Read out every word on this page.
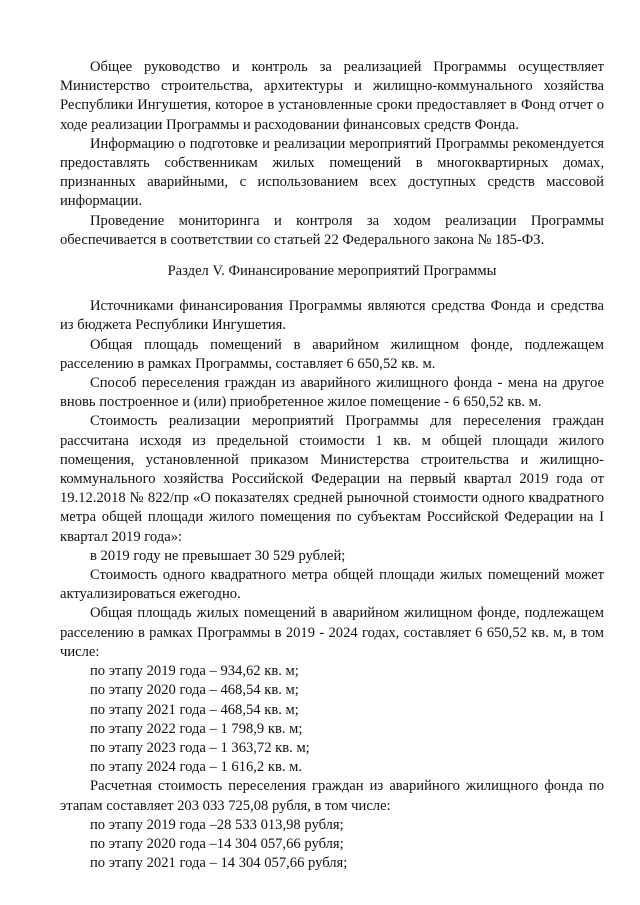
Общее руководство и контроль за реализацией Программы осуществляет Министерство строительства, архитектуры и жилищно-коммунального хозяйства Республики Ингушетия, которое в установленные сроки предоставляет в Фонд отчет о ходе реализации Программы и расходовании финансовых средств Фонда.

Информацию о подготовке и реализации мероприятий Программы рекомендуется предоставлять собственникам жилых помещений в многоквартирных домах, признанных аварийными, с использованием всех доступных средств массовой информации.

Проведение мониторинга и контроля за ходом реализации Программы обеспечивается в соответствии со статьей 22 Федерального закона № 185-ФЗ.

Раздел V. Финансирование мероприятий Программы

Источниками финансирования Программы являются средства Фонда и средства из бюджета Республики Ингушетия.

Общая площадь помещений в аварийном жилищном фонде, подлежащем расселению в рамках Программы, составляет 6 650,52 кв. м.

Способ переселения граждан из аварийного жилищного фонда - мена на другое вновь построенное и (или) приобретенное жилое помещение - 6 650,52 кв. м.

Стоимость реализации мероприятий Программы для переселения граждан рассчитана исходя из предельной стоимости 1 кв. м общей площади жилого помещения, установленной приказом Министерства строительства и жилищно-коммунального хозяйства Российской Федерации на первый квартал 2019 года от 19.12.2018 № 822/пр «О показателях средней рыночной стоимости одного квадратного метра общей площади жилого помещения по субъектам Российской Федерации на I квартал 2019 года»:

в 2019 году не превышает 30 529 рублей;

Стоимость одного квадратного метра общей площади жилых помещений может актуализироваться ежегодно.

Общая площадь жилых помещений в аварийном жилищном фонде, подлежащем расселению в рамках Программы в 2019 - 2024 годах, составляет 6 650,52 кв. м, в том числе:

по этапу 2019 года – 934,62 кв. м;

по этапу 2020 года – 468,54 кв. м;

по этапу 2021 года – 468,54 кв. м;

по этапу 2022 года – 1 798,9 кв. м;

по этапу 2023 года – 1 363,72 кв. м;

по этапу 2024 года – 1 616,2 кв. м.

Расчетная стоимость переселения граждан из аварийного жилищного фонда по этапам составляет 203 033 725,08 рубля, в том числе:

по этапу 2019 года –28 533 013,98 рубля;

по этапу 2020 года –14 304 057,66 рубля;

по этапу 2021 года – 14 304 057,66 рубля;
